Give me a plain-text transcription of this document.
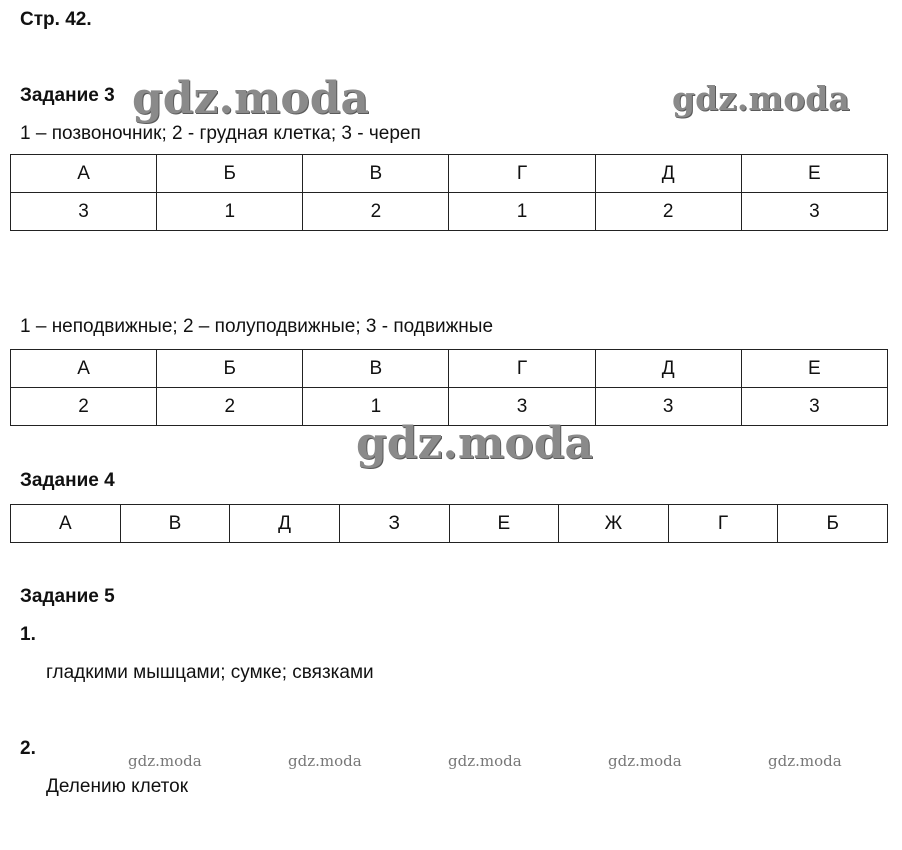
Стр. 42.
Задание 3
1 – позвоночник; 2 - грудная клетка; 3 - череп
А	Б	В	Г	Д	Е
3	1	2	1	2	3
1 – неподвижные; 2 – полуподвижные; 3 - подвижные
А	Б	В	Г	Д	Е
2	2	1	3	3	3
Задание 4
А	В	Д	З	Е	Ж	Г	Б
Задание 5
1.
гладкими мышцами; сумке; связками
2.
Делению клеток
gdz.moda	gdz.moda
gdz.moda
gdz.moda	gdz.moda	gdz.moda	gdz.moda	gdz.moda
